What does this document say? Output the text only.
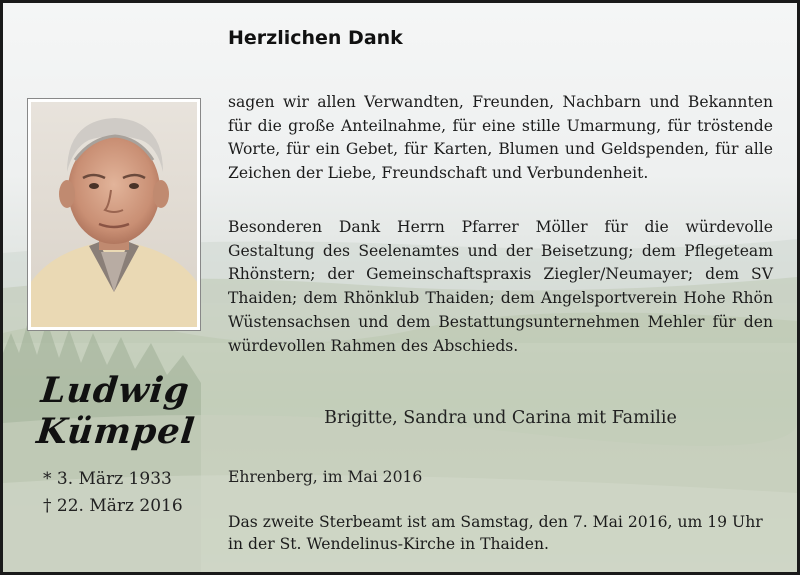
Ludwig
Kümpel
* 3. März 1933
† 22. März 2016
Herzlichen Dank
sagen wir allen Verwandten, Freunden, Nachbarn und Bekannten für die große Anteilnahme, für eine stille Umarmung, für tröstende Worte, für ein Gebet, für Karten, Blumen und Geldspenden, für alle Zeichen der Liebe, Freundschaft und Verbundenheit.
Besonderen Dank Herrn Pfarrer Möller für die würdevolle Gestaltung des Seelenamtes und der Beisetzung; dem Pflegeteam Rhönstern; der Gemeinschaftspraxis Ziegler/Neumayer; dem SV Thaiden; dem Rhönklub Thaiden; dem Angelsportverein Hohe Rhön Wüstensachsen und dem Bestattungsunternehmen Mehler für den würdevollen Rahmen des Abschieds.
Brigitte, Sandra und Carina mit Familie
Ehrenberg, im Mai 2016
Das zweite Sterbeamt ist am Samstag, den 7. Mai 2016, um 19 Uhr in der St. Wendelinus-Kirche in Thaiden.
